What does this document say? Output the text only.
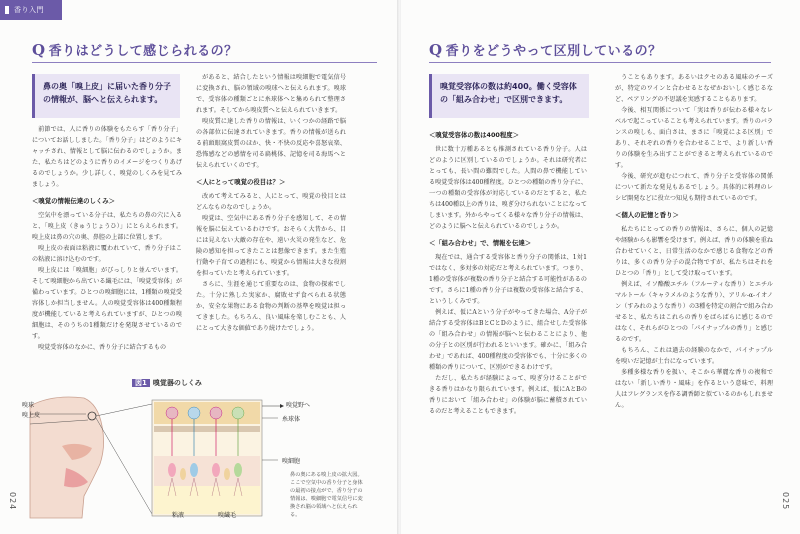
香り入門
Q 香りはどうして感じられるの？
鼻の奥「嗅上皮」に届いた香り分子の情報が、脳へと伝えられます。

前節では、人に香りの体験をもたらす「香り分子」についてお話ししました。「香り分子」はどのようにキャッチされ、情報として脳に伝わるのでしょうか。また、私たちはどのように香りのイメージをつくりあげるのでしょうか。少し詳しく、嗅覚のしくみを見てみましょう。

＜嗅覚の情報伝達のしくみ＞

空気中を漂っている分子は、私たちの鼻の穴に入ると、「嗅上皮（きゅうじょうひ）」にとらえられます。嗅上皮は鼻の穴の奥、鼻腔の上部に位置します。

嗅上皮の表面は粘液に覆われていて、香り分子はこの粘液に溶け込むのです。

嗅上皮には「嗅細胞」がびっしりと並んでいます。そして嗅細胞から出ている繊毛には、「嗅覚受容体」が備わっています。ひとつの嗅細胞には、1種類の嗅覚受容体しか担当しません。人の嗅覚受容体は400種類程度が機能していると考えられていますが、ひとつの嗅細胞は、そのうちの1種類だけを発現させているのです。

嗅覚受容体のなかに、香り分子に結合するもの

があると、結合したという情報は嗅細胞で電気信号に変換され、脳の領域の嗅球へと伝えられます。嗅球で、受容体の種類ごとに糸球体へと集められて整理されます。そしてから嗅皮質へと伝えられていきます。

嗅皮質に達した香りの情報は、いくつかの経路で脳の各部位に伝達されていきます。香りの情報が送られる前頭眼窩皮質のほか、快・不快の反応や喜怒哀楽、恐怖感などの感情を司る扁桃体、記憶を司る海馬へと伝えられていくのです。

＜人にとって嗅覚の役目は？＞

改めて考えてみると、人にとって、嗅覚の役目とはどんなものなのでしょうか。

嗅覚は、空気中にある香り分子を感知して、その情報を脳に伝えているわけです。おそらく大昔から、目には見えない大敵の存在や、遠い火災の発生など、危険の感知を担ってきたことは想像できます。また生殖行動や子育ての過程にも、嗅覚から情報は大きな役割を担っていたと考えられています。

さらに、生涯を通じて重要なのは、食物の探索でした。十分に熟した実家か、腐敗せず食べられる状態か、安全な果物にある食物の判断の基準を嗅覚は担ってきました。もちろん、良い風味を楽しむことも、人にとって大きな価値であり続けたでしょう。

図1 嗅覚器のしくみ
嗅球
嗅上皮
嗅覚野へ
糸球体
嗅細胞
粘液	嗅繊毛
鼻の奥にある嗅上皮の拡大図。ここで空気中の香り分子と身体の最初の接点がで、香り分子の情報は、嗅細胞で電気信号に変換され脳の領域へと伝えられる。
024
Q 香りをどうやって区別しているの？
嗅覚受容体の数は約400。働く受容体の「組み合わせ」で区別できます。
＜嗅覚受容体の数は400程度＞

世に数十万種あるとも推測されている香り分子。人はどのように区別しているのでしょうか。それは研究者にとっても、長い間の難問でした。人間の鼻で機能している嗅覚受容体は400種程度。ひとつの種類の香り分子に、一つの種類の受容体が対応しているのだとすると、私たちは400種以上の香りは、嗅ぎ分けられないことになってしまいます。外からやってくる様々な香り分子の情報は、どのように脳へと伝えられているのでしょうか。

＜「組み合わせ」で、情報を伝達＞

現在では、通合する受容体と香り分子の関係は、1対1ではなく、多対多の対応だと考えられています。つまり、1種の受容体が複数の香り分子と結合する可能性があるのです。さらに1種の香り分子は複数の受容体と結合する、というしくみです。

例えば、仮にAという分子がやってきた場合、A分子が結合する受容体はBとCとDのように、組合せした受容体の「組み合わせ」の情報が脳へと伝わることにより、他の分子との区別が行われるといいます。確かに、「組み合わせ」であれば、400種程度の受容体でも、十分に多くの種類の香りについて、区別ができるわけです。

ただし、私たちが経験によって、嗅ぎ分けることができる香りはかなり限られています。例えば、仮にAとBの香りにおいて「組み合わせ」の体験が脳に蓄積されているのだと考えることもできます。

うこともあります。あるいはクセのある風味のチーズが、特定のワインと合わせるとなぜかおいしく感じるなど、ペアリングの不思議を実感することもあります。

今後、相互関係について「実は香りが伝わる様々なレベルで起こっていることも考えられています。香りのバランスの嗅しも、面白さは、まさに「嗅覚による区別」であり、それぞれの香りを合わせることで、より新しい香りの体験を生み出すことができると考えられているのです。

今後、研究が進むにつれて、香り分子と受容体の関係について新たな発見もあるでしょう。具体的に料理のレシピ開発などに役立つ知見も期待されているのです。

＜個人の記憶と香り＞

私たちにとっての香りの情報は、さらに、個人の記憶や経験からも影響を受けます。例えば、香りの体験を重ね合わせていくと、日常生活のなかで感じる食物などの香りは、多くの香り分子の混合物ですが、私たちはそれをひとつの「香り」として受け取っています。

例えば、イソ酪酸エチル（フルーティな香り）とエチルマルトール（キャラメルのような香り）、アリル-α-イオノン（すみれのような香り）の3種を特定の割合で組み合わせると、私たちはこれらの香りをばらばらに感じるのではなく、それらがひとつの「パイナップルの香り」と感じるのです。

もちろん、これは過去の経験のなかで、パイナップルを嗅いだ記憶が土台になっています。

多種多様な香りを扱い、そこから華麗な香りの複和ではない「新しい香り・風味」を作るという意味で、料理人はフレグランスを作る調香師と似ているのかもしれません。

025
